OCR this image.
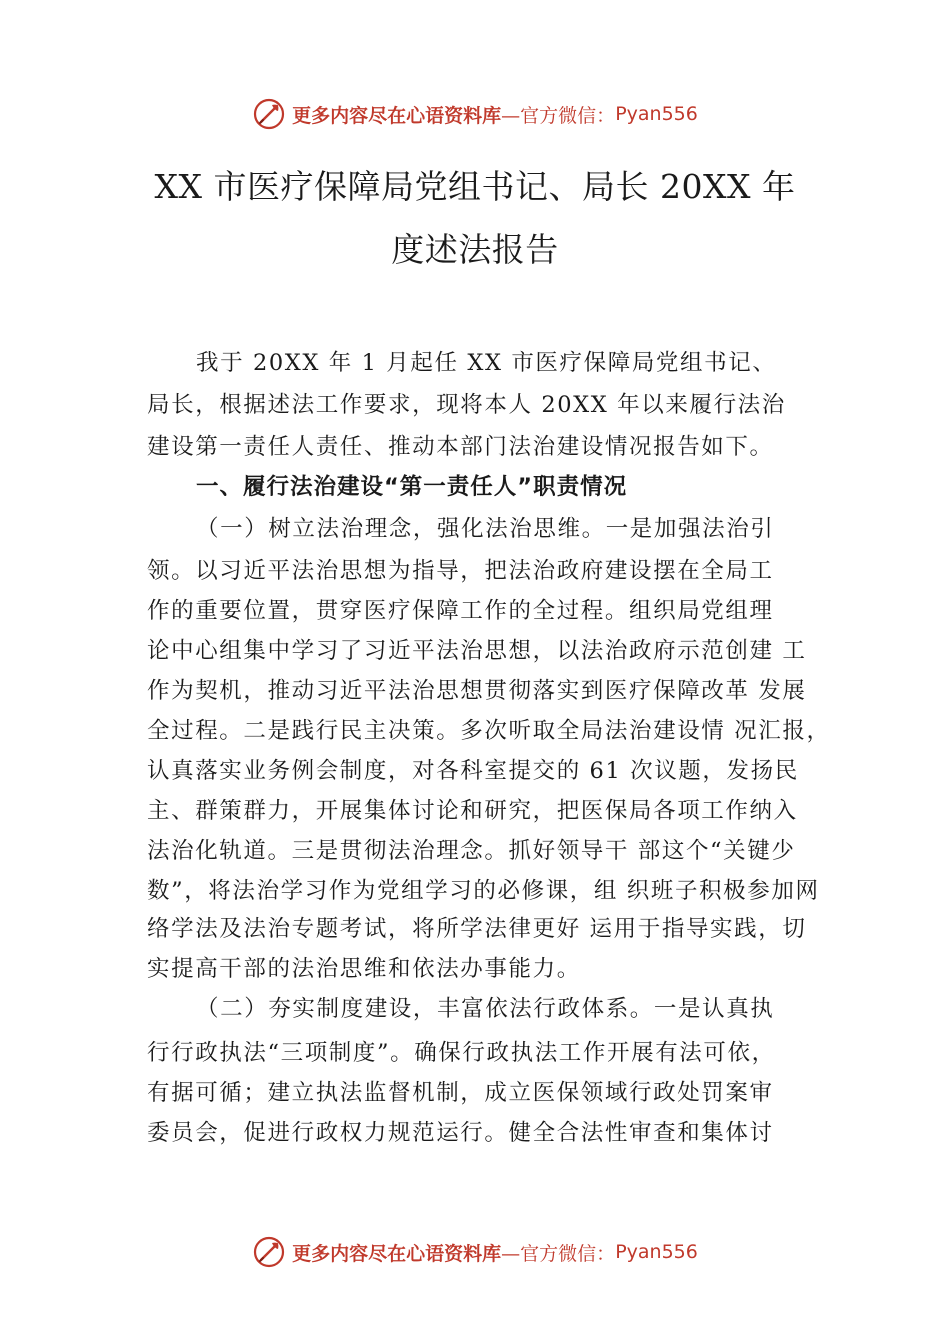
更多内容尽在心语资料库 —官方微信： Pyan556
XX 市医疗保障局党组书记、局长 20XX 年
度述法报告
我于 20XX 年 1 月起任 XX 市医疗保障局党组书记、
局长，根据述法工作要求，现将本人 20XX 年以来履行法治
建设第一责任人责任、推动本部门法治建设情况报告如下。
一、履行法治建设“第一责任人”职责情况
（一）树立法治理念，强化法治思维。一是加强法治引
领。以习近平法治思想为指导，把法治政府建设摆在全局工
作的重要位置，贯穿医疗保障工作的全过程。组织局党组理
论中心组集中学习了习近平法治思想，以法治政府示范创建 工
作为契机，推动习近平法治思想贯彻落实到医疗保障改革 发展
全过程。二是践行民主决策。多次听取全局法治建设情 况汇报，
认真落实业务例会制度，对各科室提交的 61 次议题，发扬民
主、群策群力，开展集体讨论和研究，把医保局各项工作纳入
法治化轨道。三是贯彻法治理念。抓好领导干 部这个“关键少
数”，将法治学习作为党组学习的必修课，组 织班子积极参加网
络学法及法治专题考试，将所学法律更好 运用于指导实践，切
实提高干部的法治思维和依法办事能力。
（二）夯实制度建设，丰富依法行政体系。一是认真执
行行政执法“三项制度”。确保行政执法工作开展有法可依，
有据可循；建立执法监督机制，成立医保领域行政处罚案审
委员会，促进行政权力规范运行。健全合法性审查和集体讨
更多内容尽在心语资料库 —官方微信： Pyan556
